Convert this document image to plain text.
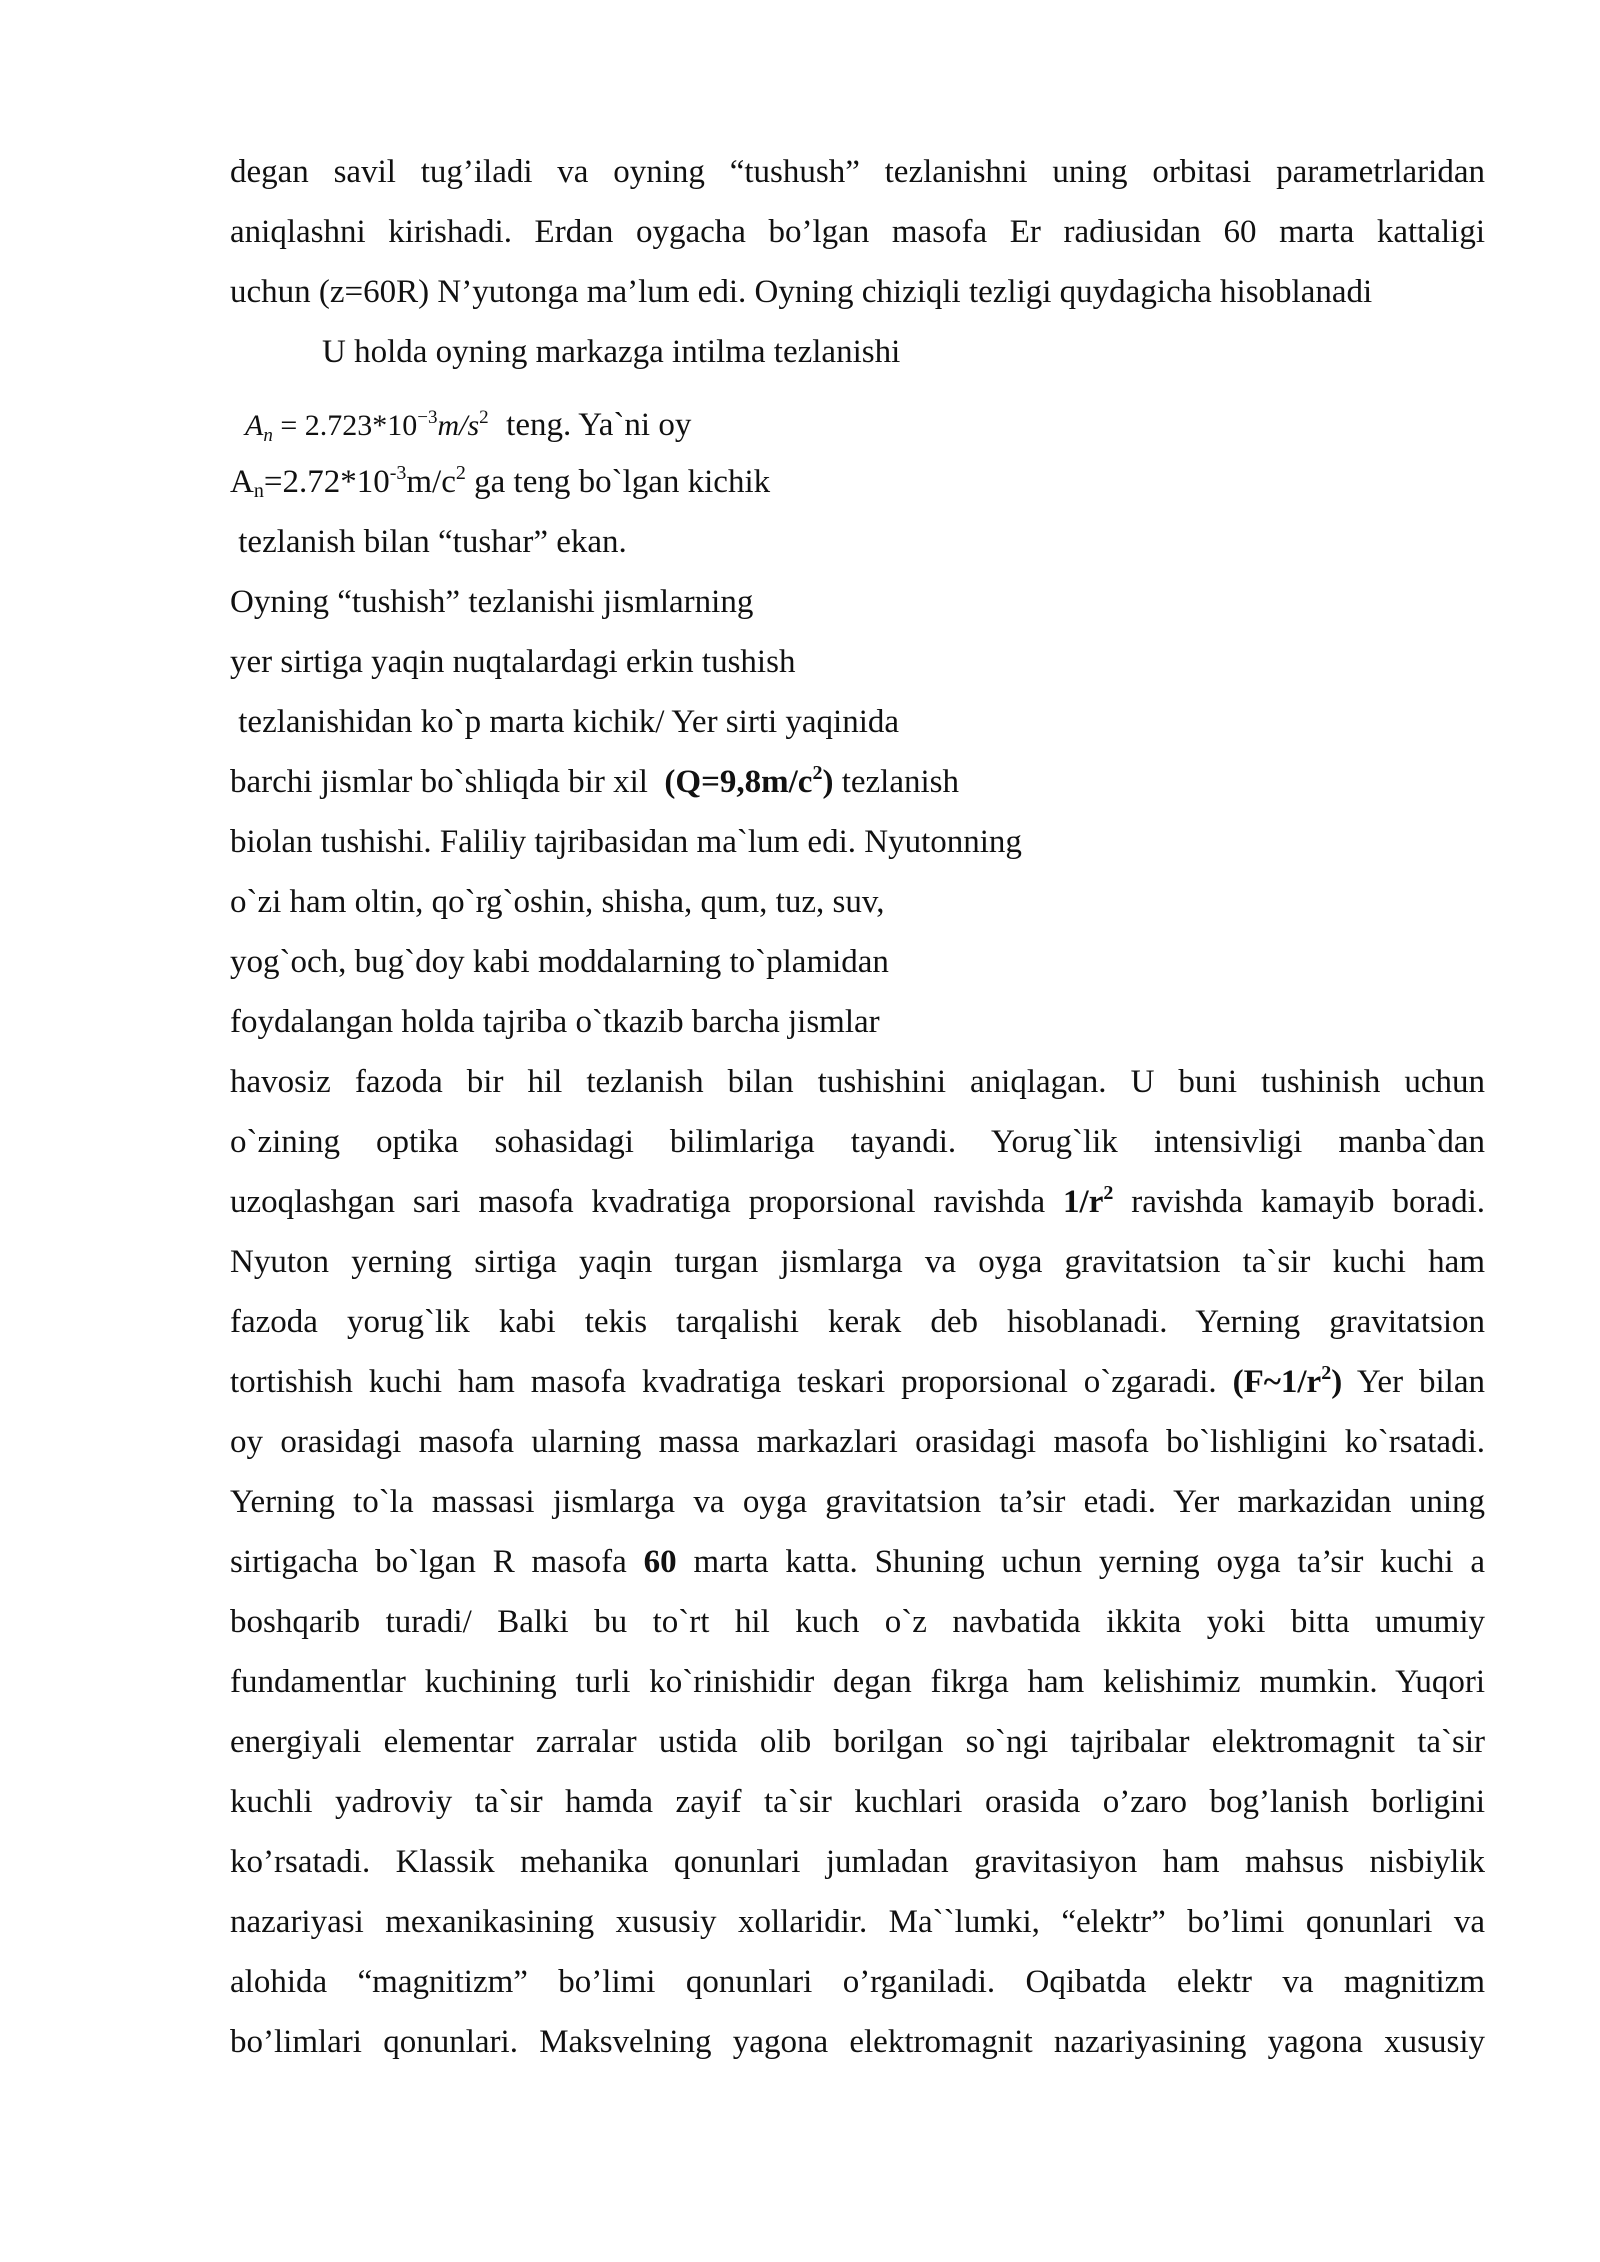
degan savil tug’iladi va oyning “tushush” tezlanishni uning orbitasi parametrlaridan
aniqlashni kirishadi. Erdan oygacha bo’lgan masofa Er radiusidan 60 marta kattaligi
uchun (z=60R) N’yutonga ma’lum edi. Oyning chiziqli tezligi quydagicha hisoblanadi
U holda oyning markazga intilma tezlanishi
$A_n = 2.723*10^{-3}m/s^2$ teng. Ya`ni oy
$A_n=2.72*10^{-3}m/c^2$ ga teng bo`lgan kichik
tezlanish bilan “tushar” ekan.
Oyning “tushish” tezlanishi jismlarning
yer sirtiga yaqin nuqtalardagi erkin tushish
tezlanishidan ko`p marta kichik/ Yer sirti yaqinida
barchi jismlar bo`shliqda bir xil  $(Q=9,8m/c^2)$ tezlanish
biolan tushishi. Faliliy tajribasidan ma`lum edi. Nyutonning
o`zi ham oltin, qo`rg`oshin, shisha, qum, tuz, suv,
yog`och, bug`doy kabi moddalarning to`plamidan
foydalangan holda tajriba o`tkazib barcha jismlar
havosiz fazoda bir hil tezlanish bilan tushishini aniqlagan. U buni tushinish uchun
o`zining optika sohasidagi bilimlariga tayandi. Yorug`lik intensivligi manba`dan
uzoqlashgan sari masofa kvadratiga proporsional ravishda $1/r^2$ ravishda kamayib boradi.
Nyuton yerning sirtiga yaqin turgan jismlarga va oyga gravitatsion ta`sir kuchi ham
fazoda yorug`lik kabi tekis tarqalishi kerak deb hisoblanadi. Yerning gravitatsion
tortishish kuchi ham masofa kvadratiga teskari proporsional o`zgaradi. $(F\sim 1/r^2)$ Yer bilan
oy orasidagi masofa ularning massa markazlari orasidagi masofa bo`lishligini ko`rsatadi.
Yerning to`la massasi jismlarga va oyga gravitatsion ta’sir etadi. Yer markazidan uning
sirtigacha bo`lgan R masofa 60 marta katta. Shuning uchun yerning oyga ta’sir kuchi a
boshqarib turadi/ Balki bu to`rt hil kuch o`z navbatida ikkita yoki bitta umumiy
fundamentlar kuchining turli ko`rinishidir degan fikrga ham kelishimiz mumkin. Yuqori
energiyali elementar zarralar ustida olib borilgan so`ngi tajribalar elektromagnit ta`sir
kuchli yadroviy ta`sir hamda zayif ta`sir kuchlari orasida o’zaro bog’lanish borligini
ko’rsatadi. Klassik mehanika qonunlari jumladan gravitasiyon ham mahsus nisbiylik
nazariyasi mexanikasining xususiy xollaridir. Ma``lumki, “elektr” bo’limi qonunlari va
alohida “magnitizm” bo’limi qonunlari o’rganiladi. Oqibatda elektr va magnitizm
bo’limlari qonunlari. Maksvelning yagona elektromagnit nazariyasining yagona xususiy
